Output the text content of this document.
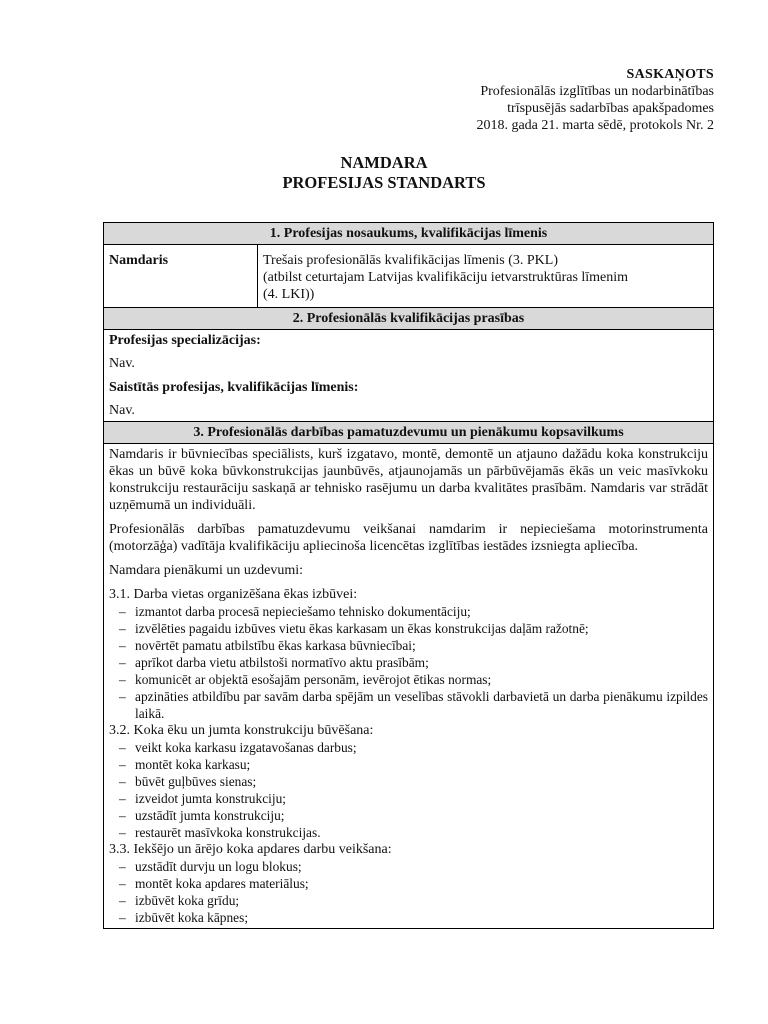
SASKAŅOTS
Profesionālās izglītības un nodarbinātības
trīspusējās sadarbības apakšpadomes
2018. gada 21. marta sēdē, protokols Nr. 2
NAMDARA
PROFESIJAS STANDARTS
1. Profesijas nosaukums, kvalifikācijas līmenis
Namdaris	Trešais profesionālās kvalifikācijas līmenis (3. PKL)
(atbilst ceturtajam Latvijas kvalifikāciju ietvarstruktūras līmenim
(4. LKI))

2. Profesionālās kvalifikācijas prasības

Profesijas specializācijas:
Nav.
Saistītās profesijas, kvalifikācijas līmenis:
Nav.

3. Profesionālās darbības pamatuzdevumu un pienākumu kopsavilkums

Namdaris ir būvniecības speciālists, kurš izgatavo, montē, demontē un atjauno dažādu koka konstrukciju ēkas un būvē koka būvkonstrukcijas jaunbūvēs, atjaunojamās un pārbūvējamās ēkās un veic masīvkoku konstrukciju restaurāciju saskaņā ar tehnisko rasējumu un darba kvalitātes prasībām. Namdaris var strādāt uzņēmumā un individuāli.
Profesionālās darbības pamatuzdevumu veikšanai namdarim ir nepieciešama motorinstrumenta (motorzāģa) vadītāja kvalifikāciju apliecinoša licencētas izglītības iestādes izsniegta apliecība.
Namdara pienākumi un uzdevumi:
3.1. Darba vietas organizēšana ēkas izbūvei:
– izmantot darba procesā nepieciešamo tehnisko dokumentāciju;
– izvēlēties pagaidu izbūves vietu ēkas karkasam un ēkas konstrukcijas daļām ražotnē;
– novērtēt pamatu atbilstību ēkas karkasa būvniecībai;
– aprīkot darba vietu atbilstoši normatīvo aktu prasībām;
– komunicēt ar objektā esošajām personām, ievērojot ētikas normas;
– apzināties atbildību par savām darba spējām un veselības stāvokli darbavietā un darba pienākumu izpildes laikā.
3.2. Koka ēku un jumta konstrukciju būvēšana:
– veikt koka karkasu izgatavošanas darbus;
– montēt koka karkasu;
– būvēt guļbūves sienas;
– izveidot jumta konstrukciju;
– uzstādīt jumta konstrukciju;
– restaurēt masīvkoka konstrukcijas.
3.3. Iekšējo un ārējo koka apdares darbu veikšana:
– uzstādīt durvju un logu blokus;
– montēt koka apdares materiālus;
– izbūvēt koka grīdu;
– izbūvēt koka kāpnes;
